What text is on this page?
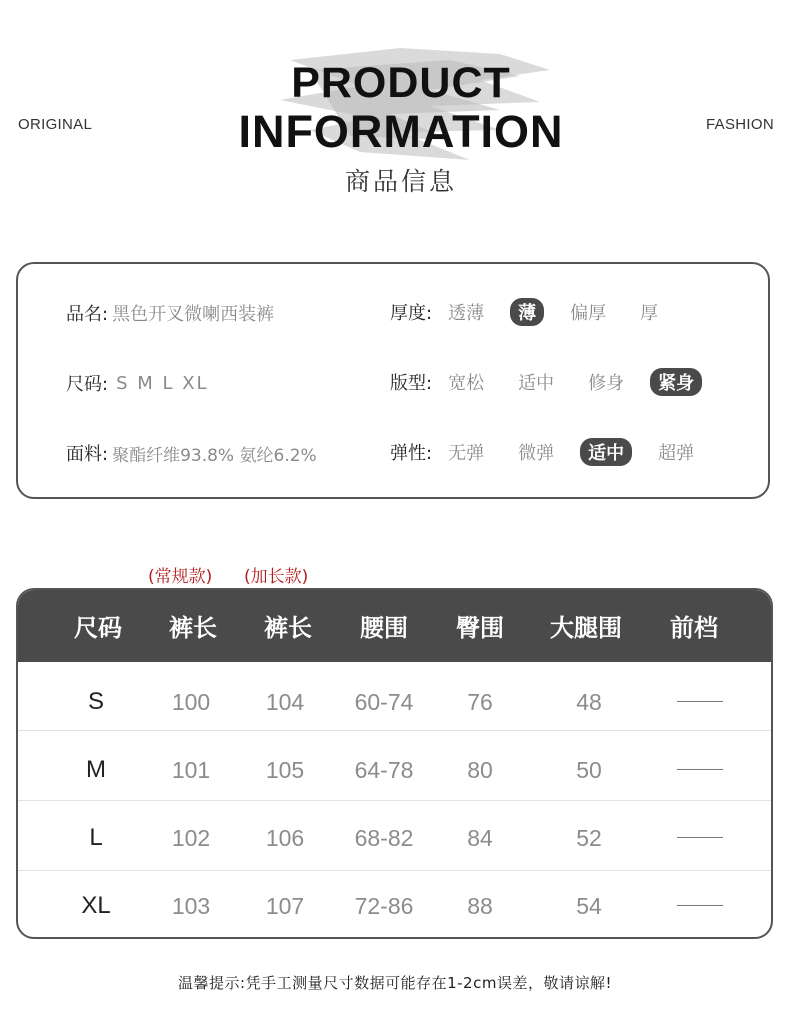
ORIGINAL	FASHION
PRODUCT
INFORMATION
商品信息
品名: 黑色开叉微喇西装裤
尺码: S M L XL
面料: 聚酯纤维93.8% 氨纶6.2%
厚度: 透薄	薄	偏厚	厚
版型: 宽松	适中	修身	紧身
弹性: 无弹	微弹	适中	超弹
(常规款) (加长款)
尺码	裤长	裤长	腰围	臀围	大腿围	前档
S	100	104	60-74	76	48
M	101	105	64-78	80	50
L	102	106	68-82	84	52
XL	103	107	72-86	88	54
温馨提示:凭手工测量尺寸数据可能存在1-2cm误差，敬请谅解!
